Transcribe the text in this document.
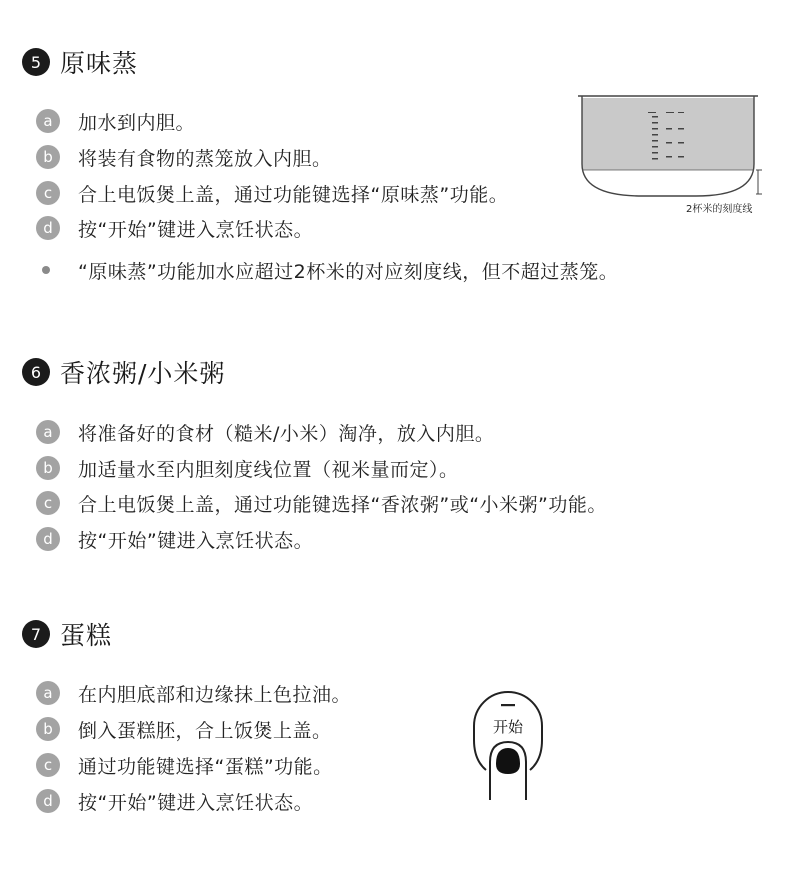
5 原味蒸
a	加水到内胆。
b	将装有食物的蒸笼放入内胆。
c	合上电饭煲上盖，通过功能键选择“原味蒸”功能。
d	按“开始”键进入烹饪状态。
“原味蒸”功能加水应超过2杯米的对应刻度线，但不超过蒸笼。
2杯米的刻度线
6 香浓粥/小米粥
a	将准备好的食材（糙米/小米）淘净，放入内胆。
b	加适量水至内胆刻度线位置（视米量而定）。
c	合上电饭煲上盖，通过功能键选择“香浓粥”或“小米粥”功能。
d	按“开始”键进入烹饪状态。
7 蛋糕
a	在内胆底部和边缘抹上色拉油。
b	倒入蛋糕胚，合上饭煲上盖。
c	通过功能键选择“蛋糕”功能。
d	按“开始”键进入烹饪状态。
开始
